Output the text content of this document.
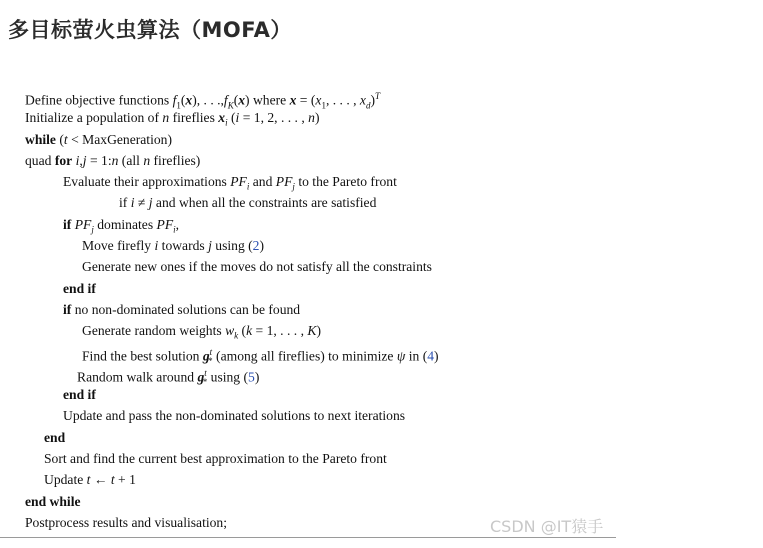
多目标萤火虫算法（MOFA）
Define objective functions $f_1(x)$, . . $.,f_K(x)$ where $x = (x_1$, . . . , $x_d)^T$
Initialize a population of n fireflies $x_i$ (i = 1, 2, . . . , n)
while (t < MaxGeneration)
quad for i,j = 1:n (all n fireflies)
Evaluate their approximations $PF_i$ and $PF_j$ to the Pareto front
if i ≠ j and when all the constraints are satisfied
if $PF_j$ dominates $PF_i$,
Move firefly i towards j using (2)
Generate new ones if the moves do not satisfy all the constraints
end if
if no non-dominated solutions can be found
Generate random weights $w_k$ (k = 1, . . . , K)
Find the best solution $g^t_*$ (among all fireflies) to minimize ψ in (4)
Random walk around $g^t_*$ using (5)
end if
Update and pass the non-dominated solutions to next iterations
end
Sort and find the current best approximation to the Pareto front
Update t ← t + 1
end while
Postprocess results and visualisation;	CSDN @IT猿手
